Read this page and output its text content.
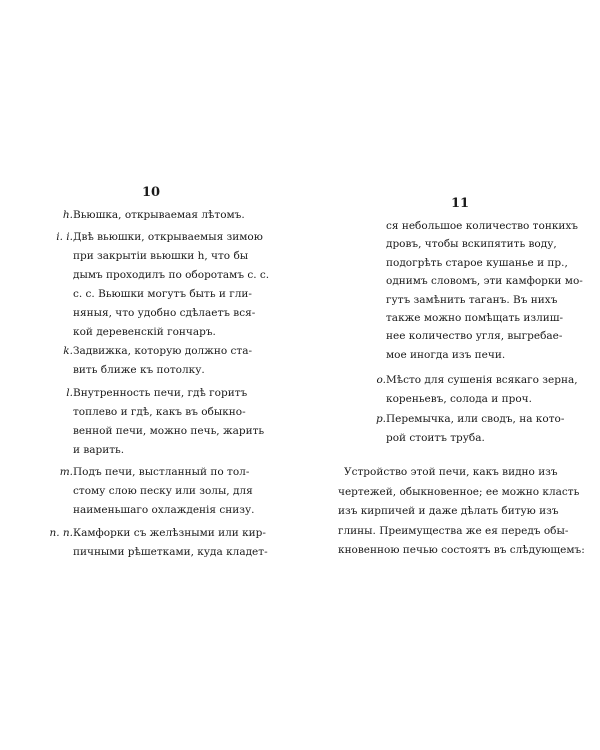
10
h. Вьюшка, открываемая лѣтомъ.
i. i. Двѣ вьюшки, открываемыя зимою
при закрытіи вьюшки h, что бы
дымъ проходилъ по оборотамъ c. c.
c. c. Вьюшки могутъ быть и гли-
няныя, что удобно сдѣлаетъ вся-
кой деревенскій гончаръ.
k. Задвижка, которую должно ста-
вить ближе къ потолку.
l. Внутренность печи, гдѣ горитъ
топлево и гдѣ, какъ въ обыкно-
венной печи, можно печь, жарить
и варить.
m. Подъ печи, выстланный по тол-
стому слою песку или золы, для
наименьшаго охлажденія снизу.
n. n. Камфорки съ желѣзными или кир-
пичными рѣшетками, куда кладет-
11
ся небольшое количество тонкихъ
дровъ, чтобы вскипятить воду,
подогрѣть старое кушанье и пр.,
однимъ словомъ, эти камфорки мо-
гутъ замѣнить таганъ. Въ нихъ
также можно помѣщать излиш-
нее количество угля, выгребае-
мое иногда изъ печи.
o. Мѣсто для сушенія всякаго зерна,
кореньевъ, солода и проч.
p. Перемычка, или сводъ, на кото-
рой стоитъ труба.
Устройство этой печи, какъ видно изъ
чертежей, обыкновенное; ее можно класть
изъ кирпичей и даже дѣлать битую изъ
глины. Преимущества же ея передъ обы-
кновенною печью состоятъ въ слѣдующемъ:
